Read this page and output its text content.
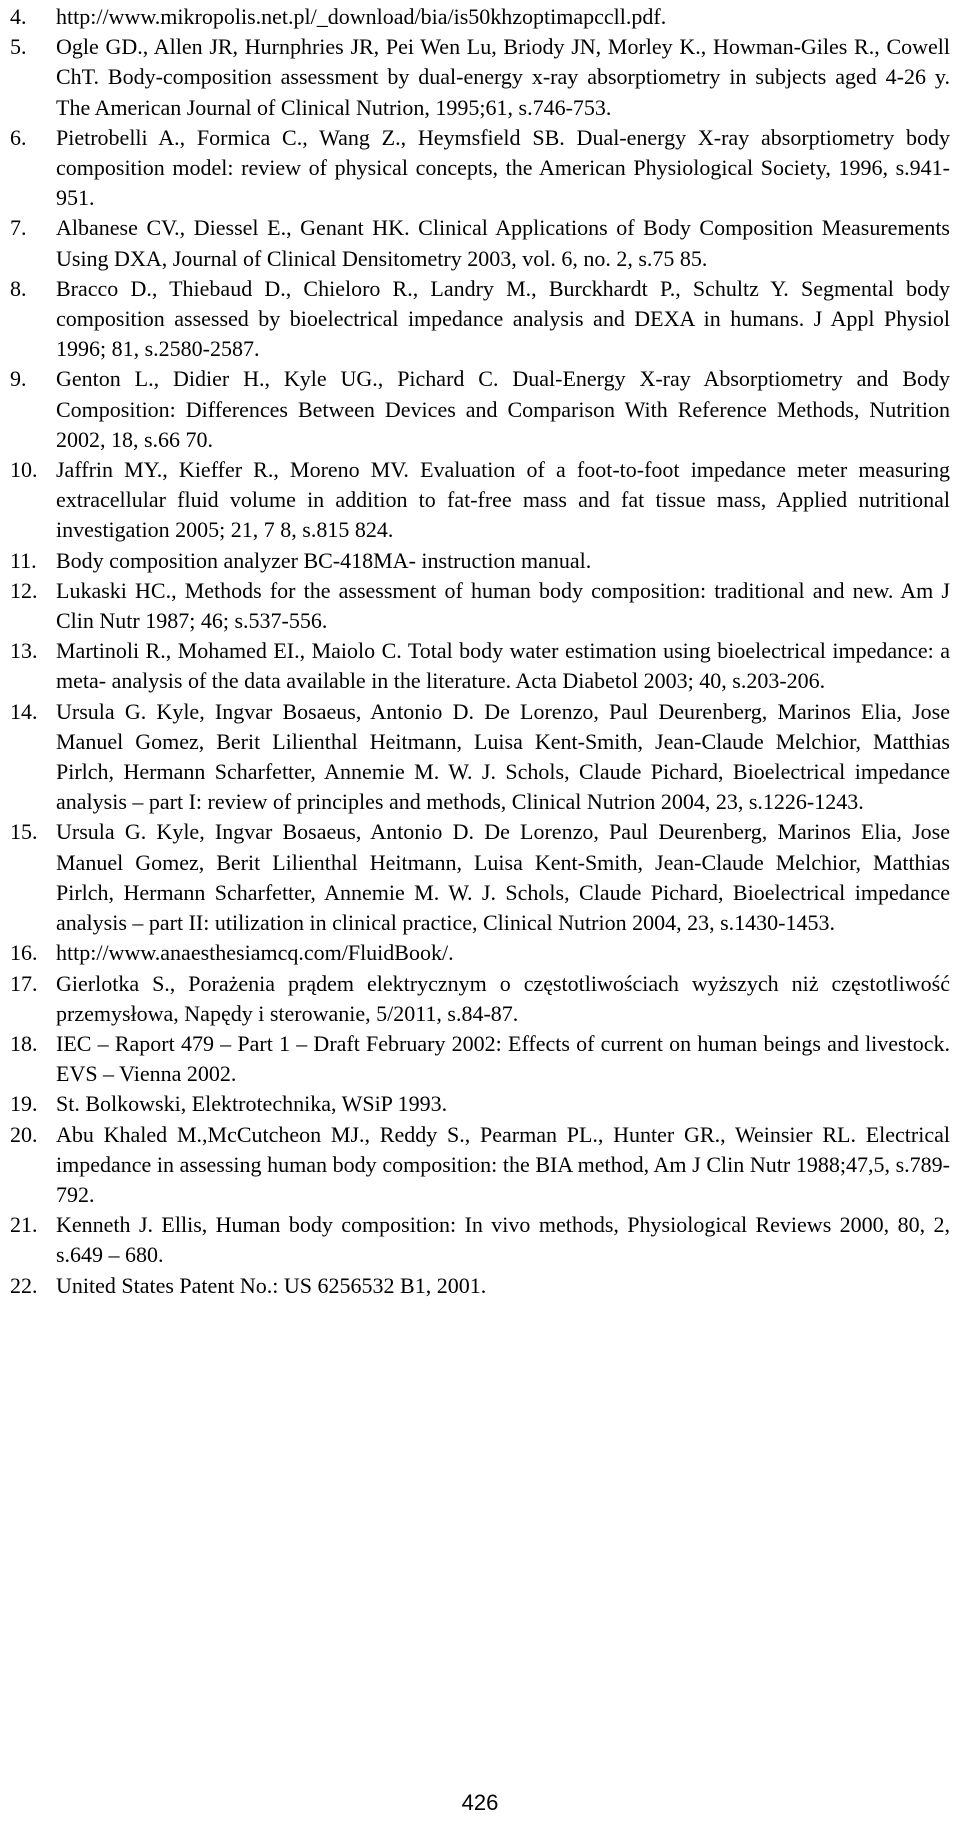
4.	http://www.mikropolis.net.pl/_download/bia/is50khzoptimapccll.pdf.
5.	Ogle GD., Allen JR, Hurnphries JR, Pei Wen Lu, Briody JN, Morley K., Howman-Giles R., Cowell ChT. Body-composition assessment by dual-energy x-ray absorptiometry in subjects aged 4-26 y. The American Journal of Clinical Nutrion, 1995;61, s.746-753.
6.	Pietrobelli A., Formica C., Wang Z., Heymsfield SB. Dual-energy X-ray absorptiometry body composition model: review of physical concepts, the American Physiological Society, 1996, s.941-951.
7.	Albanese CV., Diessel E., Genant HK. Clinical Applications of Body Composition Measurements Using DXA, Journal of Clinical Densitometry 2003, vol. 6, no. 2, s.75 85.
8.	Bracco D., Thiebaud D., Chieloro R., Landry M., Burckhardt P., Schultz Y. Segmental body composition assessed by bioelectrical impedance analysis and DEXA in humans. J Appl Physiol 1996; 81, s.2580-2587.
9.	Genton L., Didier H., Kyle UG., Pichard C. Dual-Energy X-ray Absorptiometry and Body Composition: Differences Between Devices and Comparison With Reference Methods, Nutrition 2002, 18, s.66 70.
10. Jaffrin MY., Kieffer R., Moreno MV. Evaluation of a foot-to-foot impedance meter measuring extracellular fluid volume in addition to fat-free mass and fat tissue mass, Applied nutritional investigation 2005; 21, 7 8, s.815 824.
11. Body composition analyzer BC-418MA- instruction manual.
12. Lukaski HC., Methods for the assessment of human body composition: traditional and new. Am J Clin Nutr 1987; 46; s.537-556.
13. Martinoli R., Mohamed EI., Maiolo C. Total body water estimation using bioelectrical impedance: a meta- analysis of the data available in the literature. Acta Diabetol 2003; 40, s.203-206.
14. Ursula G. Kyle, Ingvar Bosaeus, Antonio D. De Lorenzo, Paul Deurenberg, Marinos Elia, Jose Manuel Gomez, Berit Lilienthal Heitmann, Luisa Kent-Smith, Jean-Claude Melchior, Matthias Pirlch, Hermann Scharfetter, Annemie M. W. J. Schols, Claude Pichard, Bioelectrical impedance analysis – part I: review of principles and methods, Clinical Nutrion 2004, 23, s.1226-1243.
15. Ursula G. Kyle, Ingvar Bosaeus, Antonio D. De Lorenzo, Paul Deurenberg, Marinos Elia, Jose Manuel Gomez, Berit Lilienthal Heitmann, Luisa Kent-Smith, Jean-Claude Melchior, Matthias Pirlch, Hermann Scharfetter, Annemie M. W. J. Schols, Claude Pichard, Bioelectrical impedance analysis – part II: utilization in clinical practice, Clinical Nutrion 2004, 23, s.1430-1453.
16. http://www.anaesthesiamcq.com/FluidBook/.
17. Gierlotka S., Porażenia prądem elektrycznym o częstotliwościach wyższych niż częstotliwość przemysłowa, Napędy i sterowanie, 5/2011, s.84-87.
18. IEC – Raport 479 – Part 1 – Draft February 2002: Effects of current on human beings and livestock. EVS – Vienna 2002.
19. St. Bolkowski, Elektrotechnika, WSiP 1993.
20. Abu Khaled M.,McCutcheon MJ., Reddy S., Pearman PL., Hunter GR., Weinsier RL. Electrical impedance in assessing human body composition: the BIA method, Am J Clin Nutr 1988;47,5, s.789-792.
21. Kenneth J. Ellis, Human body composition: In vivo methods, Physiological Reviews 2000, 80, 2, s.649 – 680.
22. United States Patent No.: US 6256532 B1, 2001.
426
